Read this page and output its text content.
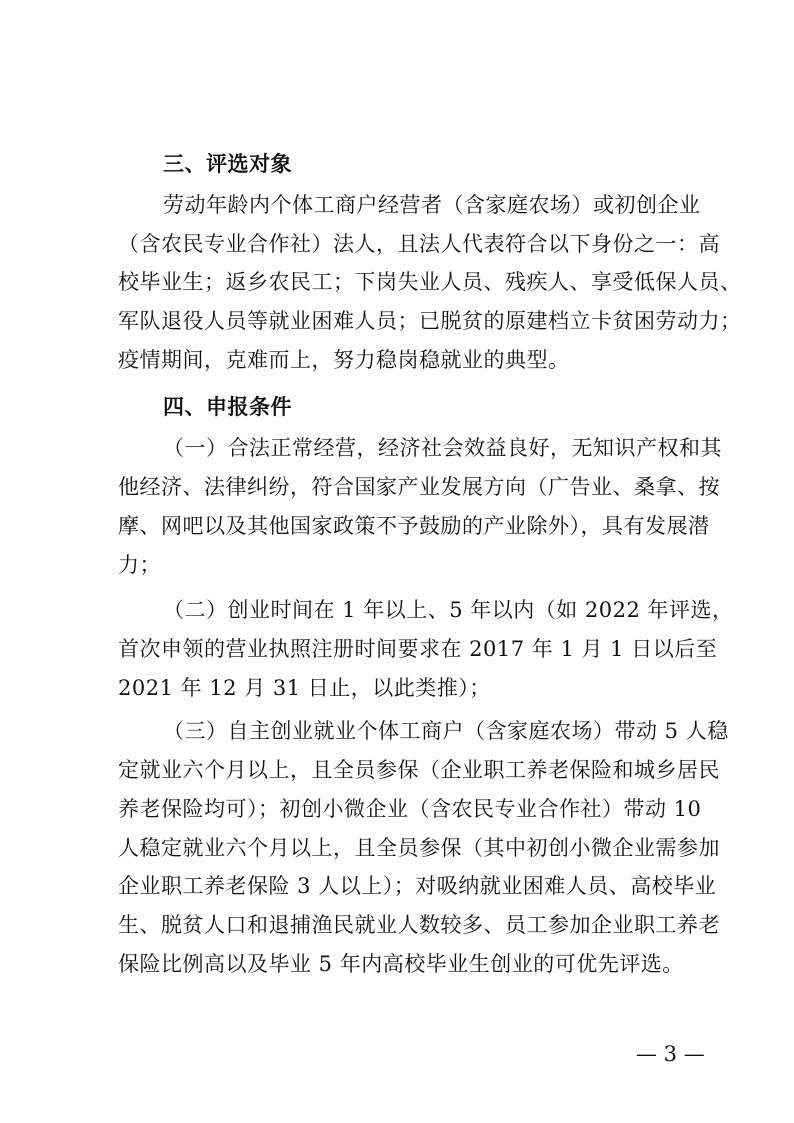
三、评选对象
劳动年龄内个体工商户经营者（含家庭农场）或初创企业
（含农民专业合作社）法人，且法人代表符合以下身份之一：高
校毕业生；返乡农民工；下岗失业人员、残疾人、享受低保人员、
军队退役人员等就业困难人员；已脱贫的原建档立卡贫困劳动力；
疫情期间，克难而上，努力稳岗稳就业的典型。
四、申报条件
（一）合法正常经营，经济社会效益良好，无知识产权和其
他经济、法律纠纷，符合国家产业发展方向（广告业、桑拿、按
摩、网吧以及其他国家政策不予鼓励的产业除外），具有发展潜
力；
（二）创业时间在 1 年以上、5 年以内（如 2022 年评选，
首次申领的营业执照注册时间要求在 2017 年 1 月 1 日以后至
2021 年 12 月 31 日止，以此类推）；
（三）自主创业就业个体工商户（含家庭农场）带动 5 人稳
定就业六个月以上，且全员参保（企业职工养老保险和城乡居民
养老保险均可）；初创小微企业（含农民专业合作社）带动 10
人稳定就业六个月以上，且全员参保（其中初创小微企业需参加
企业职工养老保险 3 人以上）；对吸纳就业困难人员、高校毕业
生、脱贫人口和退捕渔民就业人数较多、员工参加企业职工养老
保险比例高以及毕业 5 年内高校毕业生创业的可优先评选。
— 3 —
